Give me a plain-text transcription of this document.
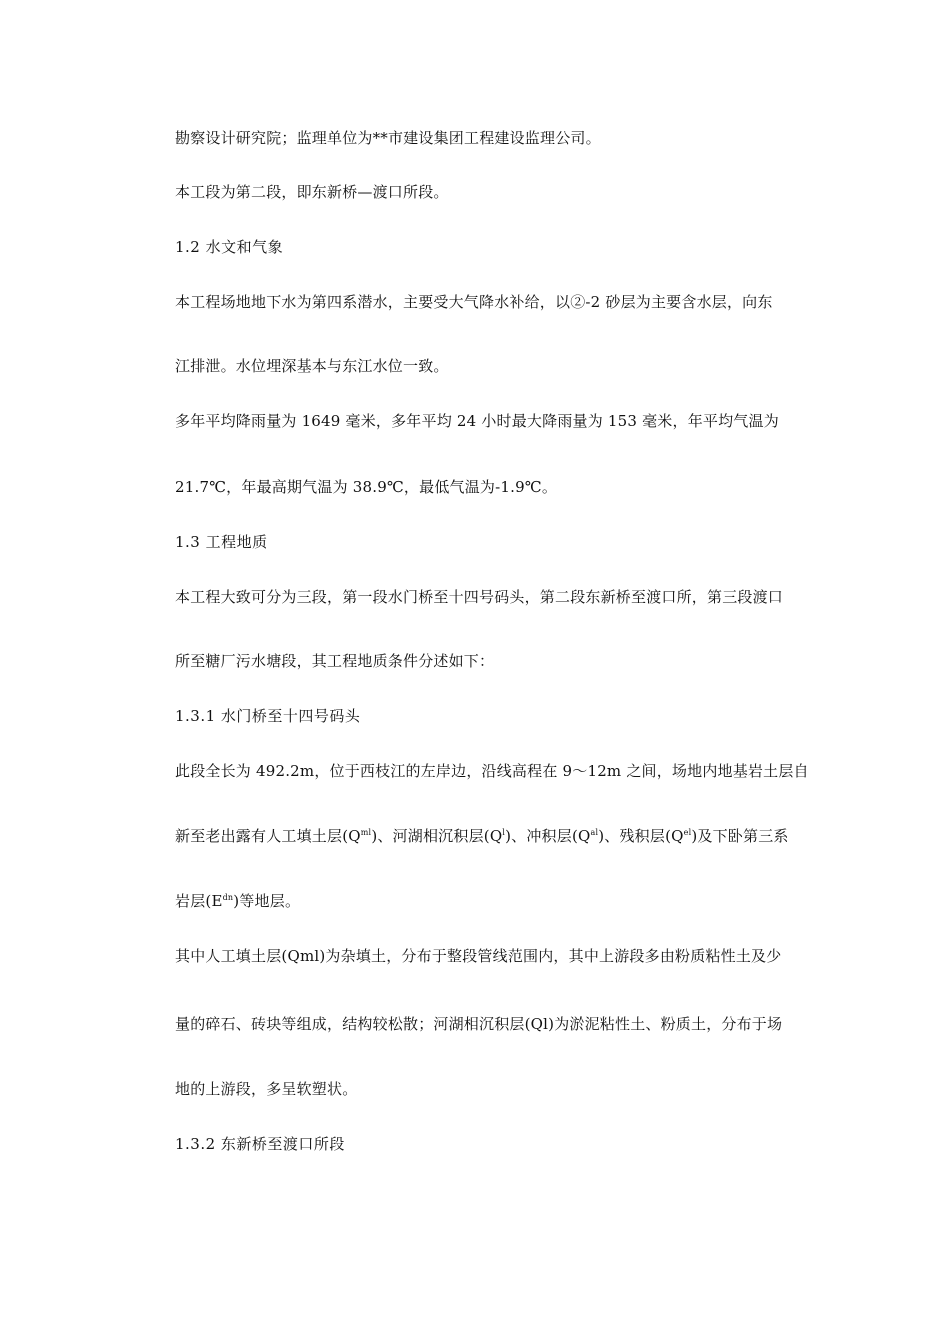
勘察设计研究院；监理单位为**市建设集团工程建设监理公司。
本工段为第二段，即东新桥—渡口所段。
1.2 水文和气象
本工程场地地下水为第四系潜水，主要受大气降水补给，以②-2 砂层为主要含水层，向东
江排泄。水位埋深基本与东江水位一致。
多年平均降雨量为 1649 毫米，多年平均 24 小时最大降雨量为 153 毫米，年平均气温为
21.7℃，年最高期气温为 38.9℃，最低气温为-1.9℃。
1.3 工程地质
本工程大致可分为三段，第一段水门桥至十四号码头，第二段东新桥至渡口所，第三段渡口
所至糖厂污水塘段，其工程地质条件分述如下：
1.3.1 水门桥至十四号码头
此段全长为 492.2m，位于西枝江的左岸边，沿线高程在 9～12m 之间，场地内地基岩土层自
新至老出露有人工填土层$(Q^{ml})$、河湖相沉积层$(Q^l)$、冲积层$(Q^{al})$、残积层$(Q^{el})$及下卧第三系
岩层$(E^{dn})$等地层。
其中人工填土层(Qml)为杂填土，分布于整段管线范围内，其中上游段多由粉质粘性土及少
量的碎石、砖块等组成，结构较松散；河湖相沉积层(Ql)为淤泥粘性土、粉质土，分布于场
地的上游段，多呈软塑状。
1.3.2 东新桥至渡口所段
